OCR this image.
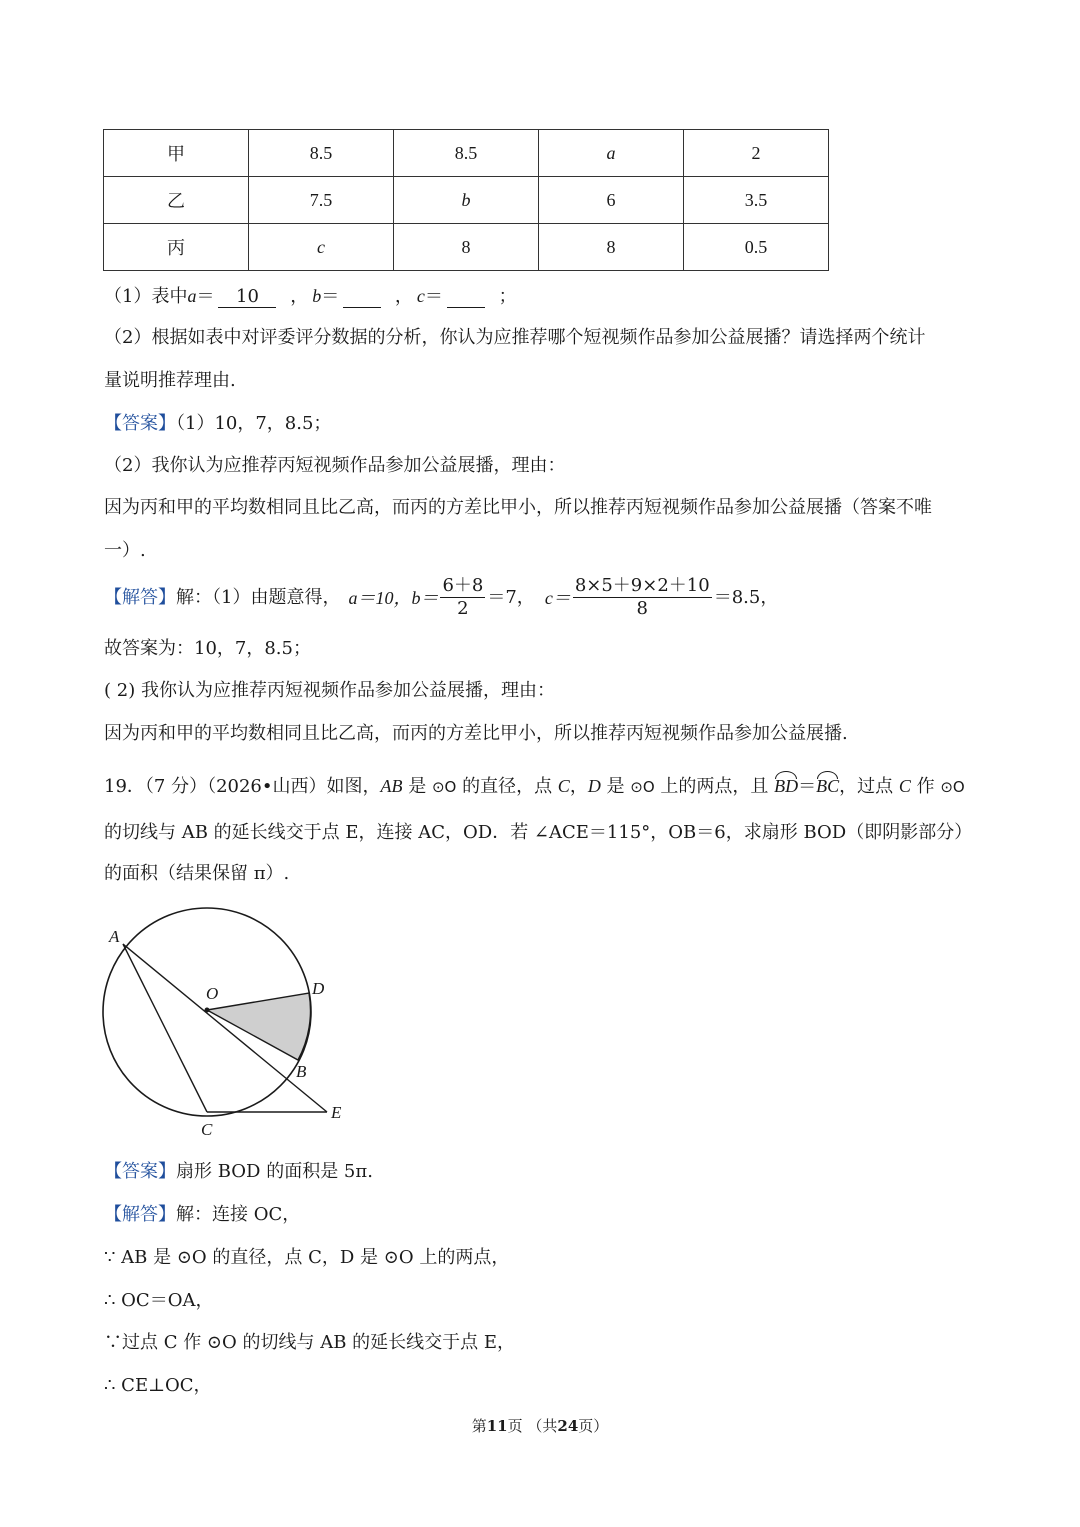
甲	8.5	8.5	a	2
乙	7.5	b	6	3.5
丙	c	8	8	0.5
（1）表中a＝ 10 ， b＝	， c＝	；
（2）根据如表中对评委评分数据的分析，你认为应推荐哪个短视频作品参加公益展播？请选择两个统计
量说明推荐理由.
【答案】（1）10，7，8.5；
（2）我你认为应推荐丙短视频作品参加公益展播，理由：
因为丙和甲的平均数相同且比乙高，而丙的方差比甲小，所以推荐丙短视频作品参加公益展播（答案不唯
一）.
【解答】 解：（1）由题意得， a＝10， $b= \frac{6+8}{2} =7$， $c= \frac{8\times 5+9\times 2+10}{8} =8.5$，
故答案为：10，7，8.5；
( 2) 我你认为应推荐丙短视频作品参加公益展播，理由：
因为丙和甲的平均数相同且比乙高，而丙的方差比甲小，所以推荐丙短视频作品参加公益展播.
19．（7 分）（2026•山西）如图，AB 是 ⊙O 的直径，点 C，D 是 ⊙O 上的两点，且 BD＝BC，过点 C 作 ⊙O
的切线与 AB 的延长线交于点 E，连接 AC，OD．若 ∠ACE＝115°，OB＝6，求扇形 BOD（即阴影部分）
的面积（结果保留 π）.
A
O	D
B
C
E
【答案】扇形 BOD 的面积是 5π.
【解答】解：连接 OC，
∵ AB 是 ⊙O 的直径，点 C，D 是 ⊙O 上的两点，
∴ OC＝OA，
∵过点 C 作 ⊙O 的切线与 AB 的延长线交于点 E，
∴ CE⊥OC，
第11页 （共24页）
